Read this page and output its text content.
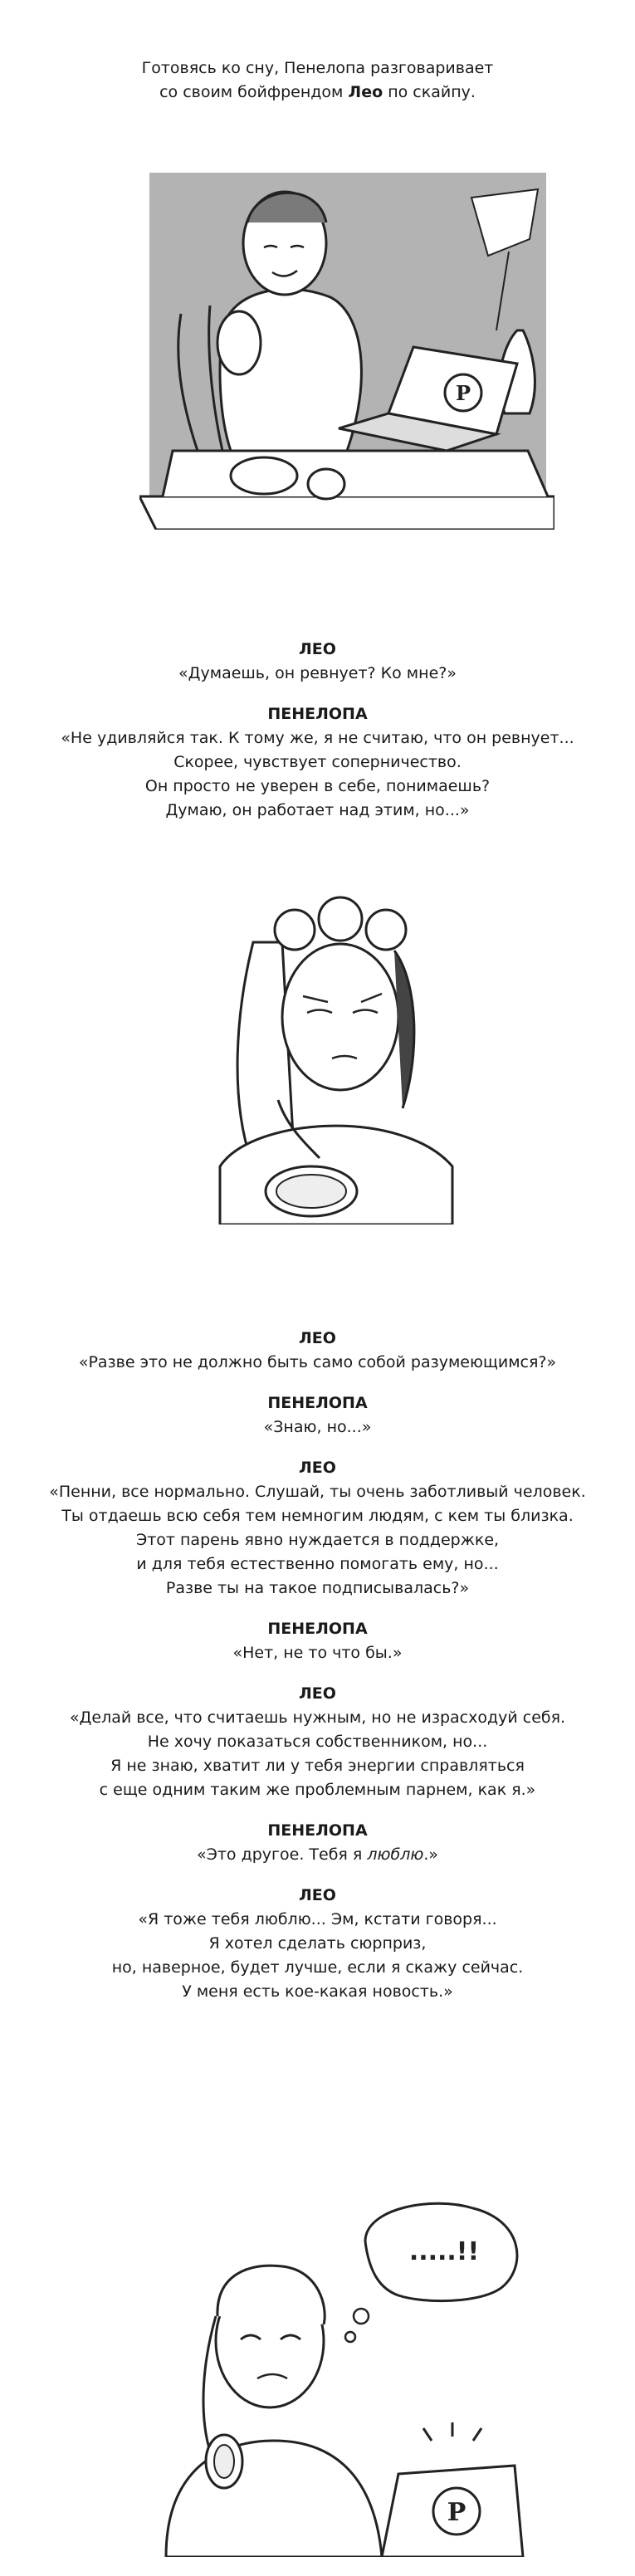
Готовясь ко сну, Пенелопа разговаривает
со своим бойфрендом Лео по скайпу.
P
ЛЕО
«Думаешь, он ревнует? Ко мне?»
ПЕНЕЛОПА
«Не удивляйся так. К тому же, я не считаю, что он ревнует...
Скорее, чувствует соперничество.
Он просто не уверен в себе, понимаешь?
Думаю, он работает над этим, но...»
ЛЕО
«Разве это не должно быть само собой разумеющимся?»
ПЕНЕЛОПА
«Знаю, но...»
ЛЕО
«Пенни, все нормально. Слушай, ты очень заботливый человек.
Ты отдаешь всю себя тем немногим людям, с кем ты близка.
Этот парень явно нуждается в поддержке,
и для тебя естественно помогать ему, но...
Разве ты на такое подписывалась?»
ПЕНЕЛОПА
«Нет, не то что бы.»
ЛЕО
«Делай все, что считаешь нужным, но не израсходуй себя.
Не хочу показаться собственником, но...
Я не знаю, хватит ли у тебя энергии справляться
с еще одним таким же проблемным парнем, как я.»
ПЕНЕЛОПА
«Это другое. Тебя я люблю.»
ЛЕО
«Я тоже тебя люблю... Эм, кстати говоря...
Я хотел сделать сюрприз,
но, наверное, будет лучше, если я скажу сейчас.
У меня есть кое-какая новость.»
.....!!
P
